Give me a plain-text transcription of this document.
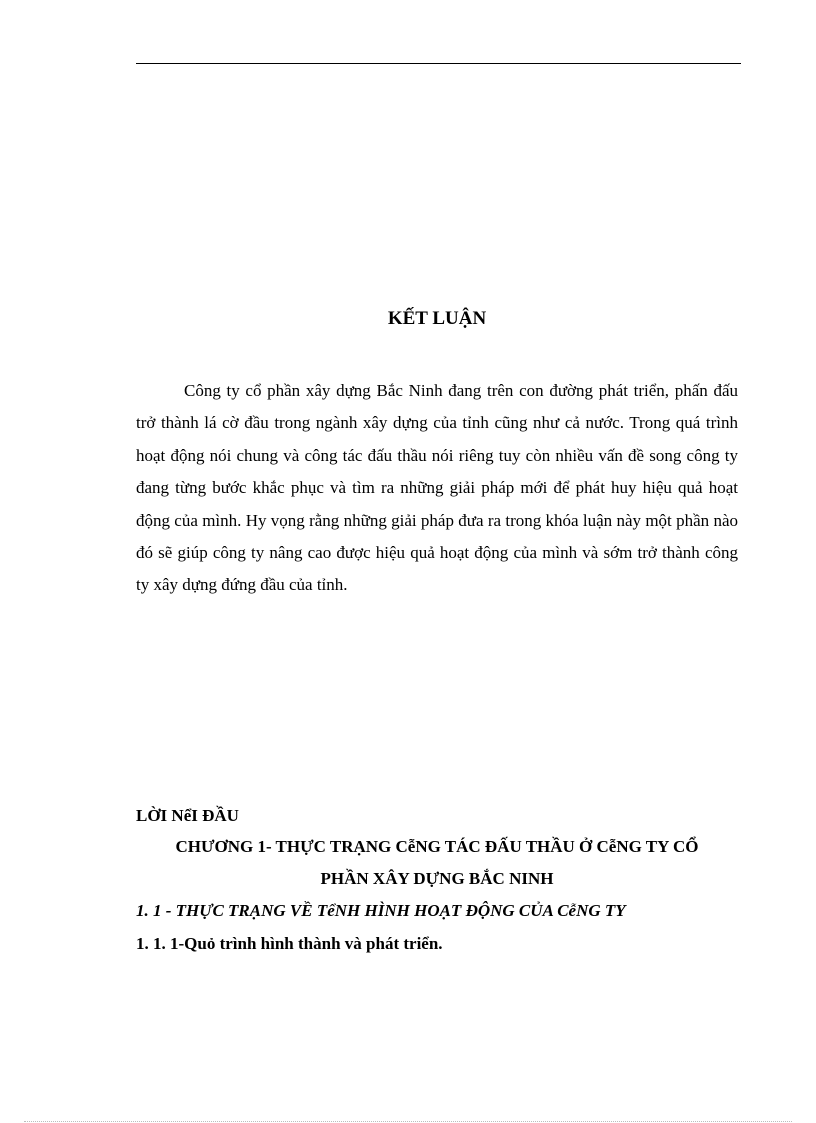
KẾT LUẬN

Công ty cổ phần xây dựng Bắc Ninh đang trên con đường phát triển, phấn đấu trở thành lá cờ đầu trong ngành xây dựng của tỉnh cũng như cả nước. Trong quá trình hoạt động nói chung và công tác đấu thầu nói riêng tuy còn nhiều vấn đề song công ty đang từng bước khắc phục và tìm ra những giải pháp mới để phát huy hiệu quả hoạt động của mình. Hy vọng rằng những giải pháp đưa ra trong khóa luận này một phần nào đó sẽ giúp công ty nâng cao được hiệu quả hoạt động của mình và sớm trở thành công ty xây dựng đứng đầu của tỉnh.

LỜI NểI ĐẦU

CHƯƠNG 1- THỰC TRẠNG CễNG TÁC ĐẤU THẦU Ở CễNG TY CỔ

PHẦN XÂY DỰNG BẮC NINH

1. 1 - THỰC TRẠNG VỀ TểNH HÌNH HOẠT ĐỘNG CỦA CễNG TY

1. 1. 1-Quỏ trình hình thành và phát triển.
